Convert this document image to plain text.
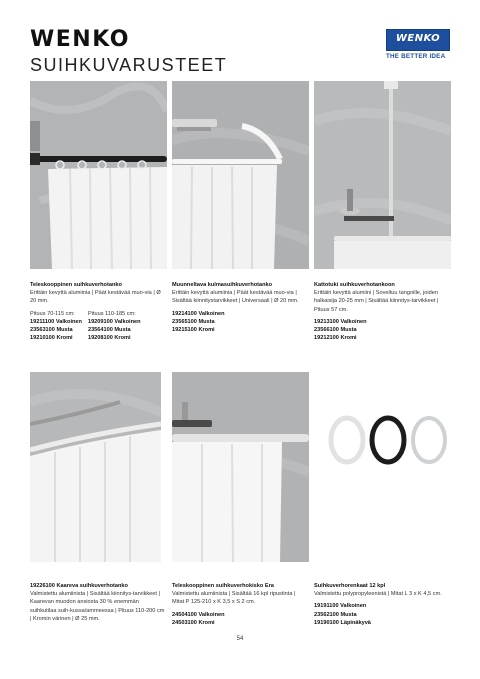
WENKO
SUIHKUVARUSTEET
WENKO
THE BETTER IDEA
Teleskooppinen suihkuverhotanko
Erittäin kevyttä alumiinia | Päät kestävää muo-via | Ø 20 mm.
Pituus 70-115 cm:
19211100 Valkoinen
23563100 Musta
19210100 Kromi
Pituus 110-185 cm:
19209100 Valkoinen
23564100 Musta
19208100 Kromi
Muunneltava kulmasuihkuverhotanko
Erittäin kevyttä alumiinia | Päät kestävää muo-via | Sisältää kiinnitystarvikkeet | Universaali | Ø 20 mm.
19214100 Valkoinen
23565100 Musta
19215100 Kromi
Kattotuki suihkuverhotankoon
Erittäin kevyttä alumiini | Soveltuu tangoille, joiden halkaisija 20-25 mm | Sisältää kiinnitys-tarvikkeet | Pituus 57 cm.
19213100 Valkoinen
23566100 Musta
19212100 Kromi
19226100 Kaareva suihkuverhotanko
Valmistettu alumiinista | Sisältää kiinnitys-tarvikkeet | Kaarevan muodon ansiosta 30 % enemmän suihkutilaa suih-kussa/ammeessa | Pituus 110-200 cm | Kromin värinen | Ø 25 mm.
Teleskooppinen suihkuverhokisko Era
Valmistettu alumiinista | Sisältää 16 kpl ripustinta | Mitat P 125-210 x K 3,5 x S 2 cm.
24504100 Valkoinen
24503100 Kromi
Suihkuverhorenkaat 12 kpl
Valmistettu polypropyleenistä | Mitat L 3 x K 4,5 cm.
19191100 Valkoinen
23562100 Musta
19190100 Läpinäkyvä
54
